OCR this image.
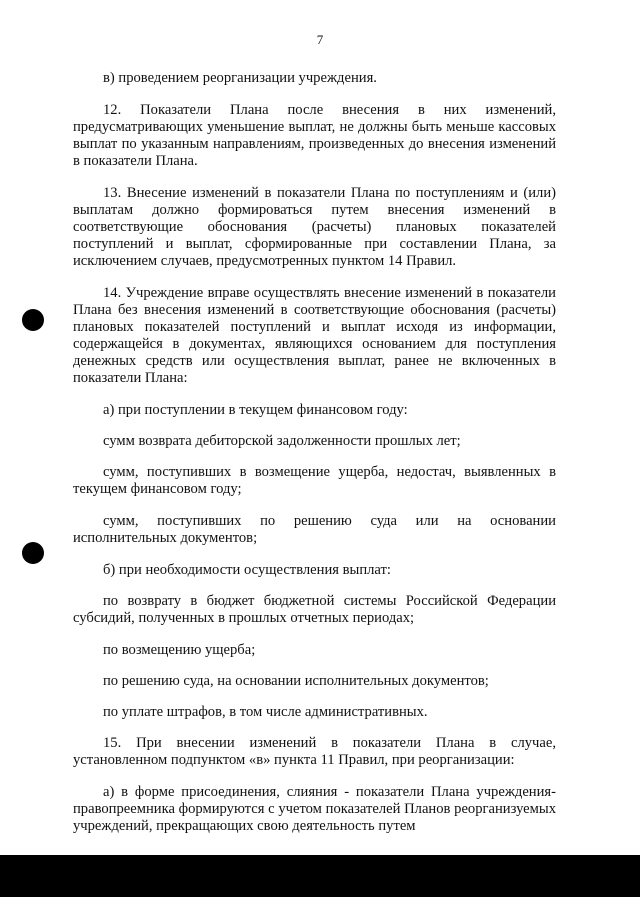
7

в) проведением реорганизации учреждения.

12. Показатели Плана после внесения в них изменений, предусматривающих уменьшение выплат, не должны быть меньше кассовых выплат по указанным направлениям, произведенных до внесения изменений в показатели Плана.

13. Внесение изменений в показатели Плана по поступлениям и (или) выплатам должно формироваться путем внесения изменений в соответствующие обоснования (расчеты) плановых показателей поступлений и выплат, сформированные при составлении Плана, за исключением случаев, предусмотренных пунктом 14 Правил.

14. Учреждение вправе осуществлять внесение изменений в показатели Плана без внесения изменений в соответствующие обоснования (расчеты) плановых показателей поступлений и выплат исходя из информации, содержащейся в документах, являющихся основанием для поступления денежных средств или осуществления выплат, ранее не включенных в показатели Плана:

а) при поступлении в текущем финансовом году:

сумм возврата дебиторской задолженности прошлых лет;

сумм, поступивших в возмещение ущерба, недостач, выявленных в текущем финансовом году;

сумм, поступивших по решению суда или на основании исполнительных документов;

б) при необходимости осуществления выплат:

по возврату в бюджет бюджетной системы Российской Федерации субсидий, полученных в прошлых отчетных периодах;

по возмещению ущерба;

по решению суда, на основании исполнительных документов;

по уплате штрафов, в том числе административных.

15. При внесении изменений в показатели Плана в случае, установленном подпунктом «в» пункта 11 Правил, при реорганизации:

а) в форме присоединения, слияния - показатели Плана учреждения-правопреемника формируются с учетом показателей Планов реорганизуемых учреждений, прекращающих свою деятельность путем
